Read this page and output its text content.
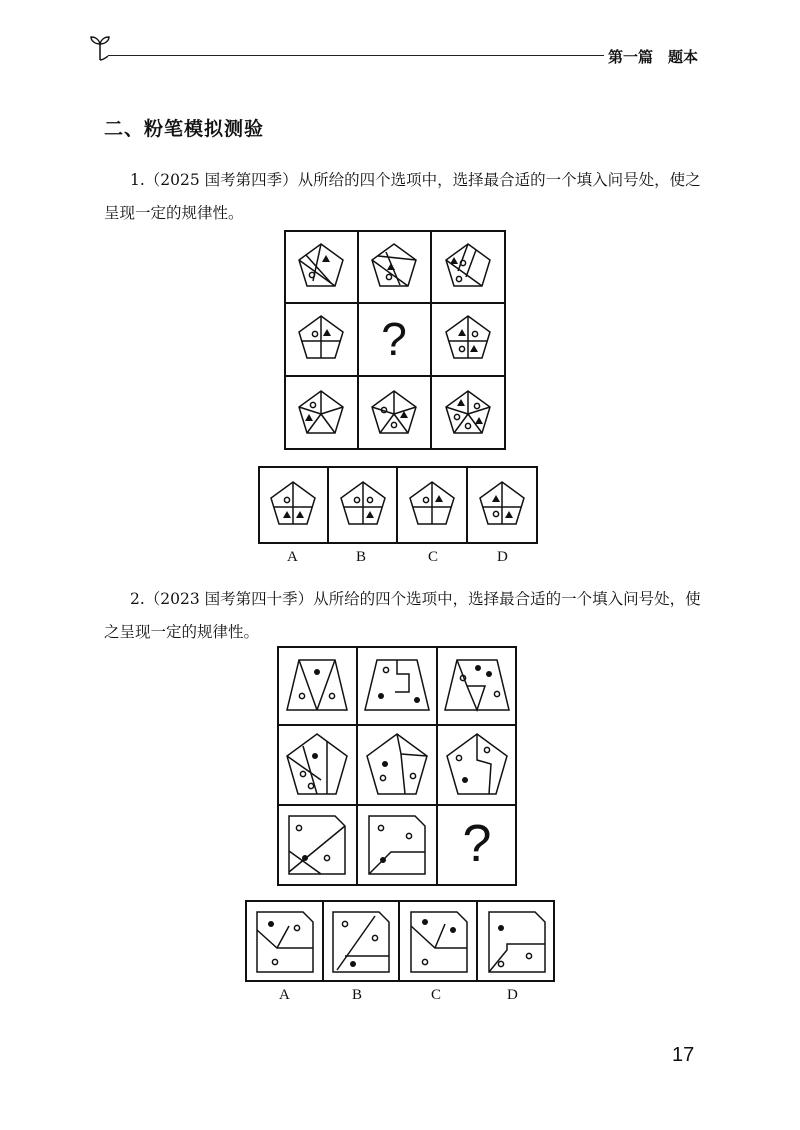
第一篇　题本
二、粉笔模拟测验
1.（2025 国考第四季）从所给的四个选项中，选择最合适的一个填入问号处，使之呈现一定的规律性。
?
A	B	C	D
2.（2023 国考第四十季）从所给的四个选项中，选择最合适的一个填入问号处，使之呈现一定的规律性。
?
A	B	C	D
17
